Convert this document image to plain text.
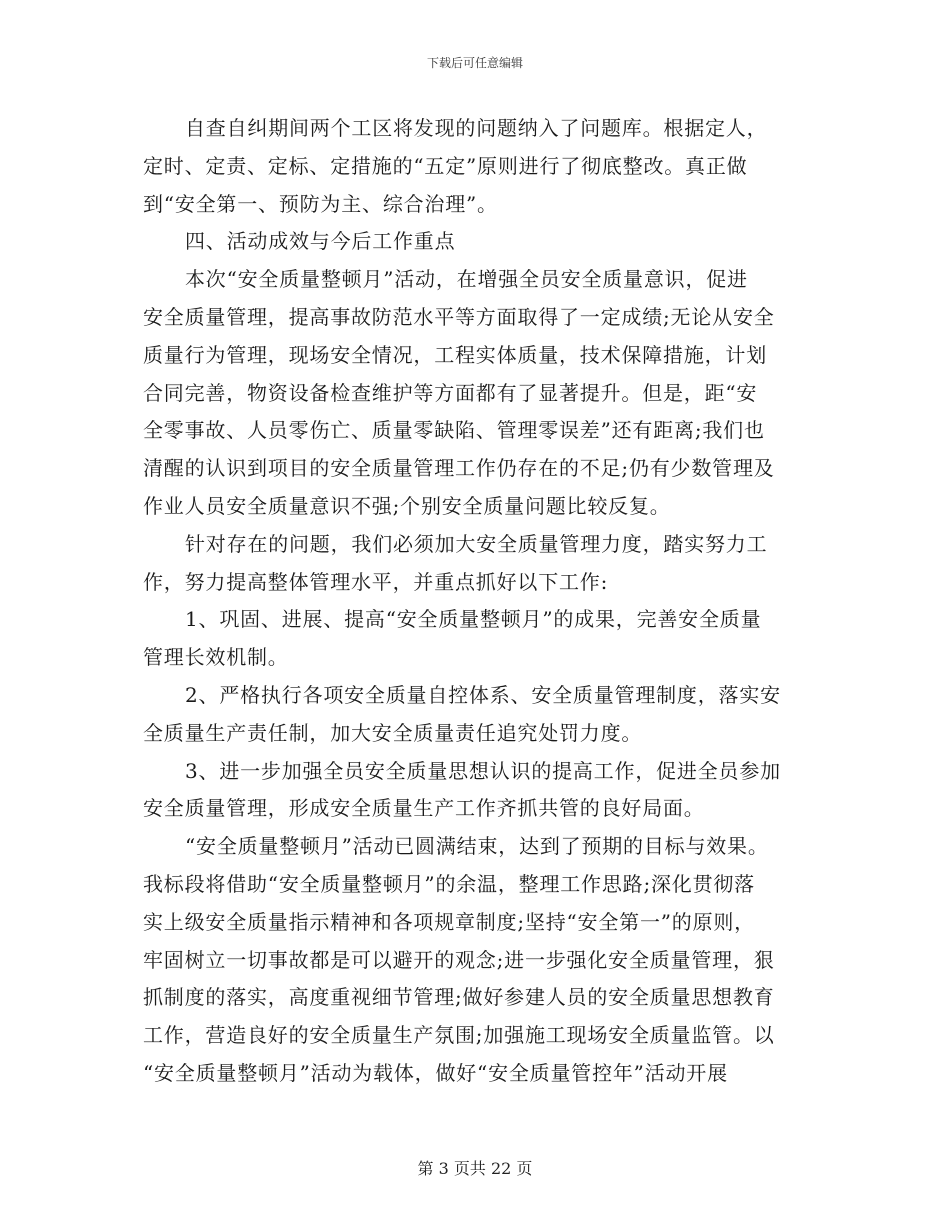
下载后可任意编辑
自查自纠期间两个工区将发现的问题纳入了问题库。根据定人，
定时、定责、定标、定措施的“五定”原则进行了彻底整改。真正做
到“安全第一、预防为主、综合治理”。
四、活动成效与今后工作重点
本次“安全质量整顿月”活动，在增强全员安全质量意识，促进
安全质量管理，提高事故防范水平等方面取得了一定成绩;无论从安全
质量行为管理，现场安全情况，工程实体质量，技术保障措施，计划
合同完善，物资设备检查维护等方面都有了显著提升。但是，距“安
全零事故、人员零伤亡、质量零缺陷、管理零误差”还有距离;我们也
清醒的认识到项目的安全质量管理工作仍存在的不足;仍有少数管理及
作业人员安全质量意识不强;个别安全质量问题比较反复。
针对存在的问题，我们必须加大安全质量管理力度，踏实努力工
作，努力提高整体管理水平，并重点抓好以下工作:
1、巩固、进展、提高“安全质量整顿月”的成果，完善安全质量
管理长效机制。
2、严格执行各项安全质量自控体系、安全质量管理制度，落实安
全质量生产责任制，加大安全质量责任追究处罚力度。
3、进一步加强全员安全质量思想认识的提高工作，促进全员参加
安全质量管理，形成安全质量生产工作齐抓共管的良好局面。
“安全质量整顿月”活动已圆满结束，达到了预期的目标与效果。
我标段将借助“安全质量整顿月”的余温，整理工作思路;深化贯彻落
实上级安全质量指示精神和各项规章制度;坚持“安全第一”的原则，
牢固树立一切事故都是可以避开的观念;进一步强化安全质量管理，狠
抓制度的落实，高度重视细节管理;做好参建人员的安全质量思想教育
工作，营造良好的安全质量生产氛围;加强施工现场安全质量监管。以
“安全质量整顿月”活动为载体，做好“安全质量管控年”活动开展
第 3 页共 22 页
